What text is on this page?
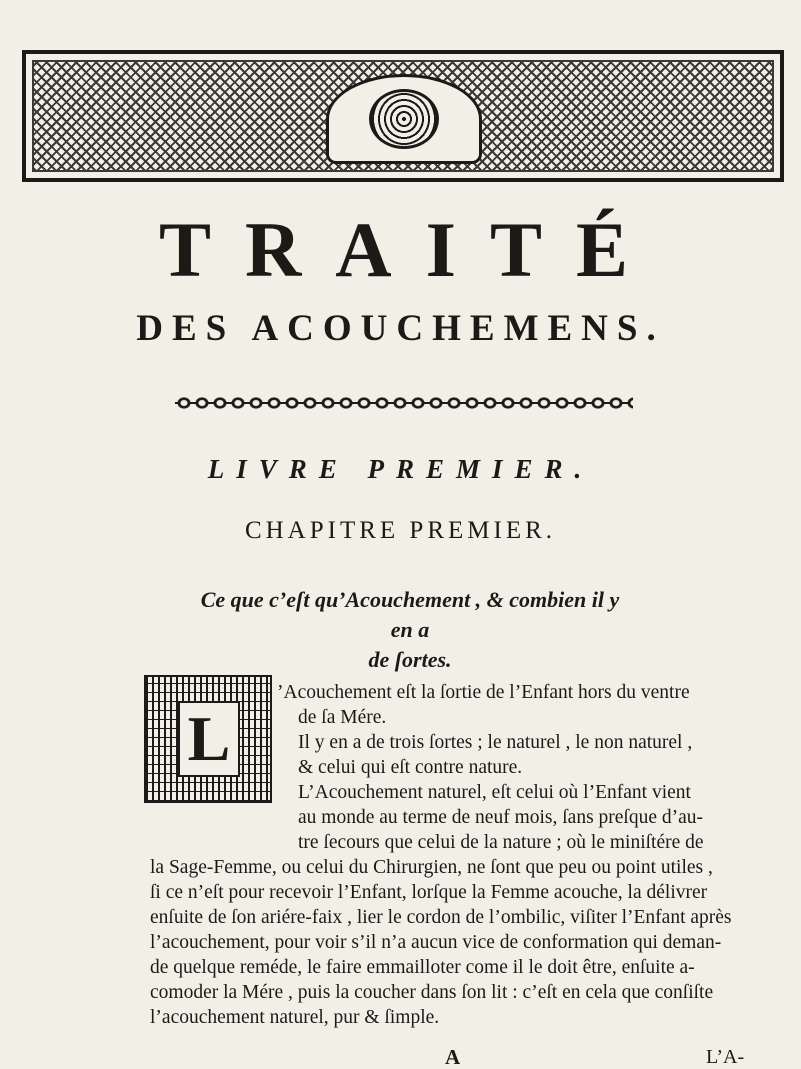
TRAITÉ
DES ACOUCHEMENS.
LIVRE PREMIER.
CHAPITRE PREMIER.
Ce que c’eſt qu’Acouchement , & combien il y en a
de ſortes.
L
’Acouchement eſt la ſortie de l’Enfant hors du ventre
de ſa Mére.
Il y en a de trois ſortes ; le naturel , le non naturel ,
& celui qui eſt contre nature.
L’Acouchement naturel, eſt celui où l’Enfant vient
au monde au terme de neuf mois, ſans preſque d’au-
tre ſecours que celui de la nature ; où le miniſtére de
la Sage-Femme, ou celui du Chirurgien, ne ſont que peu ou point utiles ,
ſi ce n’eſt pour recevoir l’Enfant, lorſque la Femme acouche, la délivrer
enſuite de ſon ariére-faix , lier le cordon de l’ombilic, viſiter l’Enfant après
l’acouchement, pour voir s’il n’a aucun vice de conformation qui deman-
de quelque reméde, le faire emmailloter come il le doit être, enſuite a-
comoder la Mére , puis la coucher dans ſon lit : c’eſt en cela que conſiſte
l’acouchement naturel, pur & ſimple.
A	L’A-
